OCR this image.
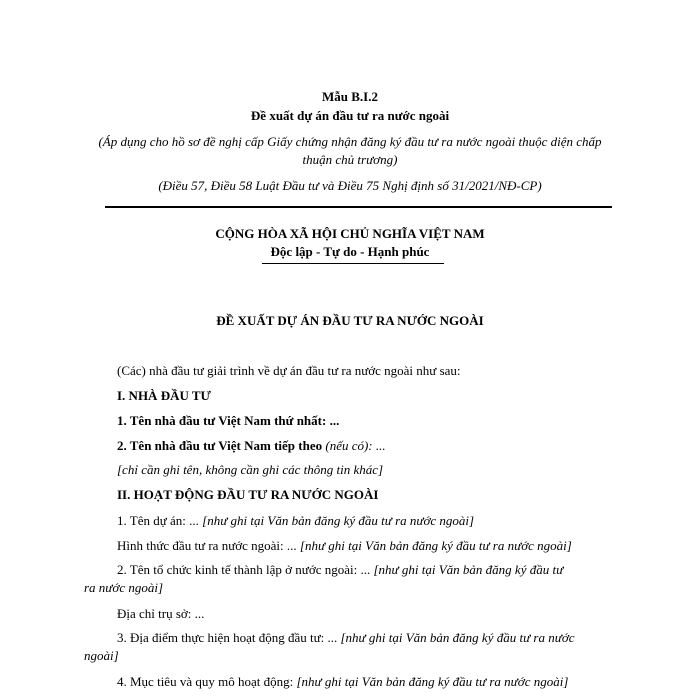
Mẫu B.I.2
Đề xuất dự án đầu tư ra nước ngoài
(Áp dụng cho hồ sơ đề nghị cấp Giấy chứng nhận đăng ký đầu tư ra nước ngoài thuộc diện chấp
thuận chủ trương)
(Điều 57, Điều 58 Luật Đầu tư và Điều 75 Nghị định số 31/2021/NĐ-CP)
CỘNG HÒA XÃ HỘI CHỦ NGHĨA VIỆT NAM
Độc lập - Tự do - Hạnh phúc
ĐỀ XUẤT DỰ ÁN ĐẦU TƯ RA NƯỚC NGOÀI
(Các) nhà đầu tư giải trình về dự án đầu tư ra nước ngoài như sau:
I. NHÀ ĐẦU TƯ
1. Tên nhà đầu tư Việt Nam thứ nhất: ...
2. Tên nhà đầu tư Việt Nam tiếp theo (nếu có): ...
[chỉ cần ghi tên, không cần ghi các thông tin khác]
II. HOẠT ĐỘNG ĐẦU TƯ RA NƯỚC NGOÀI
1. Tên dự án: ... [như ghi tại Văn bản đăng ký đầu tư ra nước ngoài]
Hình thức đầu tư ra nước ngoài: ... [như ghi tại Văn bản đăng ký đầu tư ra nước ngoài]
2. Tên tổ chức kinh tế thành lập ở nước ngoài: ... [như ghi tại Văn bản đăng ký đầu tư
ra nước ngoài]
Địa chỉ trụ sở: ...
3. Địa điểm thực hiện hoạt động đầu tư: ... [như ghi tại Văn bản đăng ký đầu tư ra nước
ngoài]
4. Mục tiêu và quy mô hoạt động: [như ghi tại Văn bản đăng ký đầu tư ra nước ngoài]
